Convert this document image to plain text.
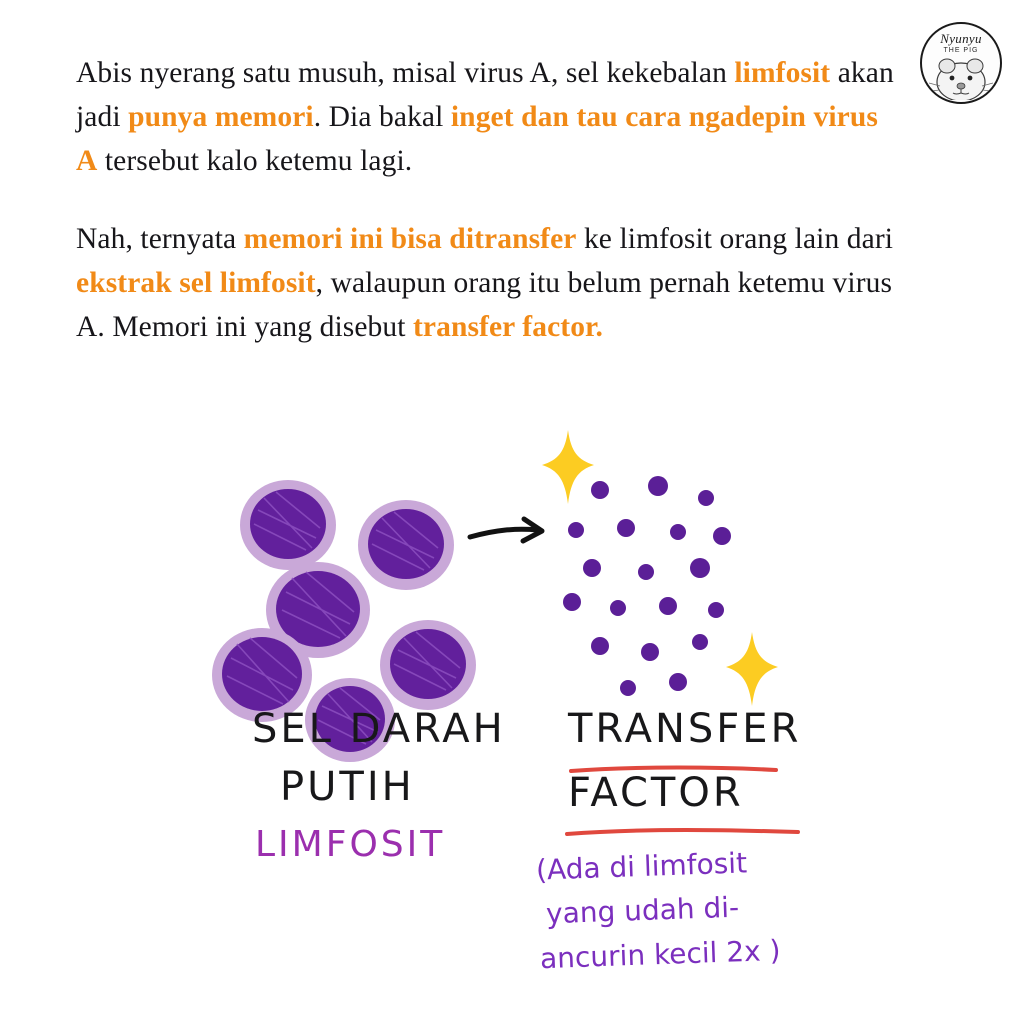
Nyunyu
THE PIG

Abis nyerang satu musuh, misal virus A, sel kekebalan limfosit akan jadi punya memori. Dia bakal inget dan tau cara ngadepin virus A tersebut kalo ketemu lagi.

Nah, ternyata memori ini bisa ditransfer ke limfosit orang lain dari ekstrak sel limfosit, walaupun orang itu belum pernah ketemu virus A. Memori ini yang disebut transfer factor.

SEL DARAH
PUTIH
LIMFOSIT
TRANSFER
FACTOR
(Ada di limfosit
yang udah di-
ancurin kecil 2x )
